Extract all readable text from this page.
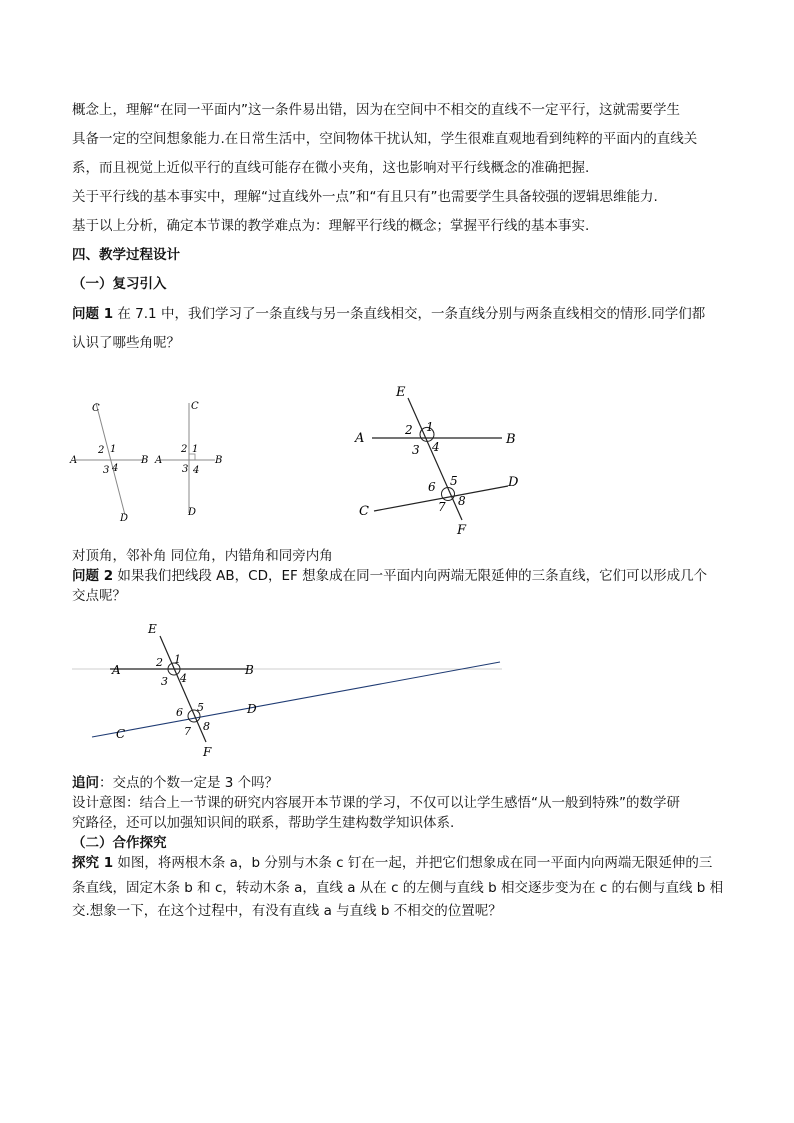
概念上，理解“在同一平面内”这一条件易出错，因为在空间中不相交的直线不一定平行，这就需要学生
具备一定的空间想象能力.在日常生活中，空间物体干扰认知，学生很难直观地看到纯粹的平面内的直线关
系，而且视觉上近似平行的直线可能存在微小夹角，这也影响对平行线概念的准确把握.
关于平行线的基本事实中，理解“过直线外一点”和“有且只有”也需要学生具备较强的逻辑思维能力.
基于以上分析，确定本节课的教学难点为：理解平行线的概念；掌握平行线的基本事实.
四、教学过程设计
（一）复习引入
问题 1 在 7.1 中，我们学习了一条直线与另一条直线相交，一条直线分别与两条直线相交的情形.同学们都
认识了哪些角呢？
C
D
A	B
2 1
3 4
C
D
A	B
2 1
3 4
E
A	B
C
D
F
2 1
3 4
5
6
7 8
对顶角，邻补角 同位角，内错角和同旁内角
问题 2 如果我们把线段 AB，CD，EF 想象成在同一平面内向两端无限延伸的三条直线，它们可以形成几个
交点呢？
E
A	B
C
D
F
2 1
3 4
5
6
7 8
追问：交点的个数一定是 3 个吗？
设计意图：结合上一节课的研究内容展开本节课的学习，不仅可以让学生感悟“从一般到特殊”的数学研
究路径，还可以加强知识间的联系，帮助学生建构数学知识体系.
（二）合作探究
探究 1 如图，将两根木条 a，b 分别与木条 c 钉在一起，并把它们想象成在同一平面内向两端无限延伸的三
条直线，固定木条 b 和 c，转动木条 a，直线 a 从在 c 的左侧与直线 b 相交逐步变为在 c 的右侧与直线 b 相
交.想象一下，在这个过程中，有没有直线 a 与直线 b 不相交的位置呢？
